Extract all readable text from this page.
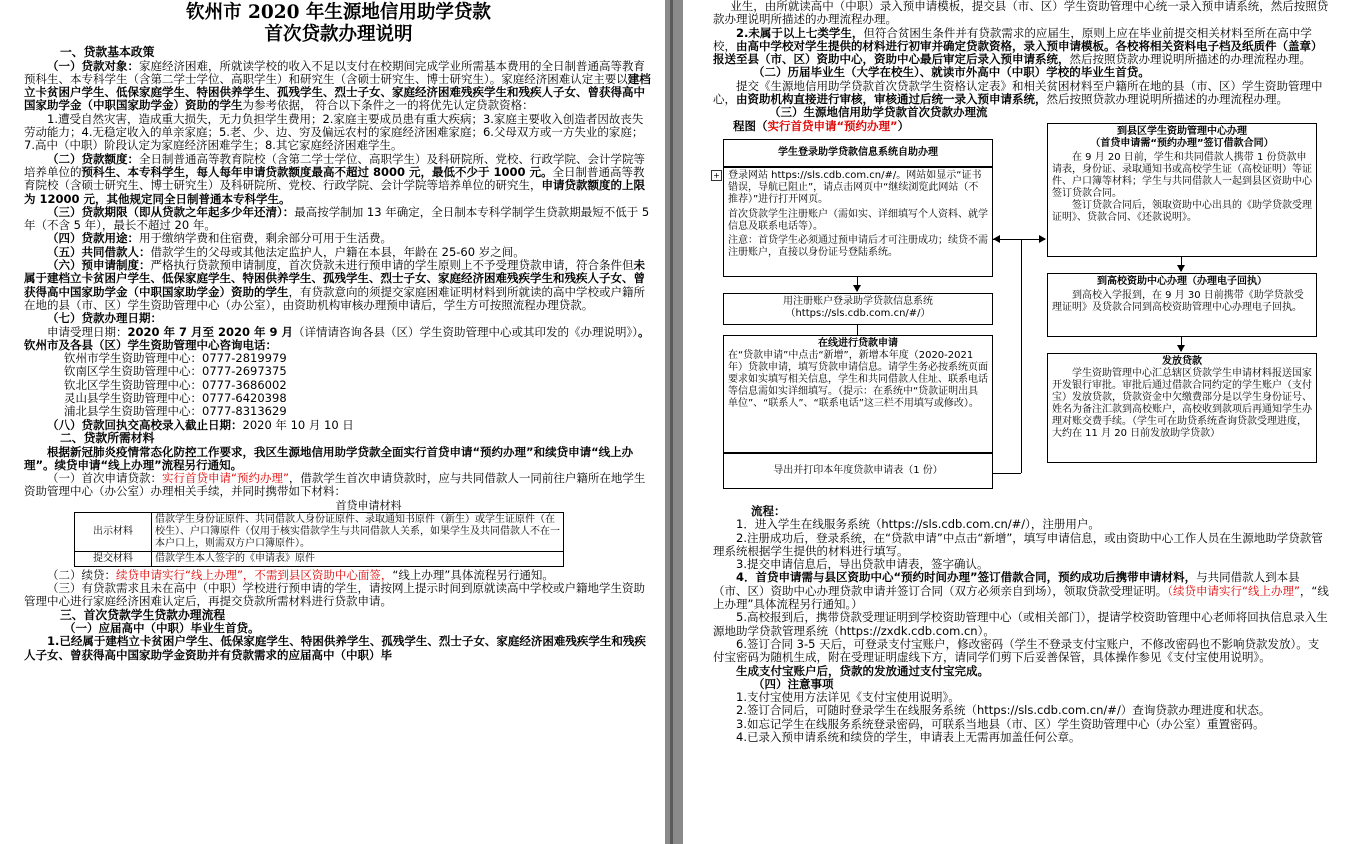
钦州市 2020 年生源地信用助学贷款

首次贷款办理说明

一、贷款基本政策

（一）贷款对象：家庭经济困难，所就读学校的收入不足以支付在校期间完成学业所需基本费用的全日制普通高等教育预科生、本专科学生（含第二学士学位、高职学生）和研究生（含硕士研究生、博士研究生）。家庭经济困难认定主要以建档立卡贫困户学生、低保家庭学生、特困供养学生、孤残学生、烈士子女、家庭经济困难残疾学生和残疾人子女、曾获得高中国家助学金（中职国家助学金）资助的学生为参考依据， 符合以下条件之一的将优先认定贷款资格：

1.遭受自然灾害，造成重大损失，无力负担学生费用；2.家庭主要成员患有重大疾病；3.家庭主要收入创造者因故丧失劳动能力；4.无稳定收入的单亲家庭；5.老、少、边、穷及偏远农村的家庭经济困难家庭；6.父母双方或一方失业的家庭；7.高中（中职）阶段认定为家庭经济困难学生；8.其它家庭经济困难学生。

（二）贷款额度：全日制普通高等教育院校（含第二学士学位、高职学生）及科研院所、党校、行政学院、会计学院等培养单位的预科生、本专科学生，每人每年申请贷款额度最高不超过 8000 元，最低不少于 1000 元。全日制普通高等教育院校（含硕士研究生、博士研究生）及科研院所、党校、行政学院、会计学院等培养单位的研究生，申请贷款额度的上限为 12000 元，其他规定同全日制普通本专科学生。

（三）贷款期限（即从贷款之年起多少年还清）：最高按学制加 13 年确定，全日制本专科学制学生贷款期最短不低于 5 年（不含 5 年），最长不超过 20 年。

（四）贷款用途：用于缴纳学费和住宿费，剩余部分可用于生活费。

（五）共同借款人：借款学生的父母或其他法定监护人，户籍在本县，年龄在 25-60 岁之间。

（六）预申请制度：严格执行贷款预申请制度，首次贷款未进行预申请的学生原则上不予受理贷款申请，符合条件但未属于建档立卡贫困户学生、低保家庭学生、特困供养学生、孤残学生、烈士子女、家庭经济困难残疾学生和残疾人子女、曾获得高中国家助学金（中职国家助学金）资助的学生，有贷款意向的须提交家庭困难证明材料到所就读的高中学校或户籍所在地的县（市、区）学生资助管理中心（办公室），由资助机构审核办理预申请后，学生方可按照流程办理贷款。

（七）贷款办理日期：

申请受理日期：2020 年 7 月至 2020 年 9 月（详情请咨询各县（区）学生资助管理中心或其印发的《办理说明》）。钦州市及各县（区）学生资助管理中心咨询电话：

钦州市学生资助管理中心：0777-2819979

钦南区学生资助管理中心：0777-2697375

钦北区学生资助管理中心：0777-3686002

灵山县学生资助管理中心：0777-6420398

浦北县学生资助管理中心：0777-8313629

（八）贷款回执交高校录入截止日期：2020 年 10 月 10 日

二、贷款所需材料

根据新冠肺炎疫情常态化防控工作要求，我区生源地信用助学贷款全面实行首贷申请“预约办理”和续贷申请“线上办理”。续贷申请“线上办理”流程另行通知。

（一）首次申请贷款：实行首贷申请“预约办理”，借款学生首次申请贷款时，应与共同借款人一同前往户籍所在地学生资助管理中心（办公室）办理相关手续，并同时携带如下材料：

首贷申请材料

出示材料	借款学生身份证原件、共同借款人身份证原件、录取通知书原件（新生）或学生证原件（在校生）、户口簿原件（仅用于核实借款学生与共同借款人关系，如果学生及共同借款人不在一本户口上，则需双方户口簿原件）。
提交材料	借款学生本人签字的《申请表》原件

（二）续贷：续贷申请实行“线上办理”，不需到县区资助中心面签，“线上办理”具体流程另行通知。

（三）有贷款需求且未在高中（中职）学校进行预申请的学生，请按网上提示时间到原就读高中学校或户籍地学生资助管理中心进行家庭经济困难认定后，再提交贷款所需材料进行贷款申请。

三、首次贷款学生贷款办理流程

（一）应届高中（中职）毕业生首贷。

1.已经属于建档立卡贫困户学生、低保家庭学生、特困供养学生、孤残学生、烈士子女、家庭经济困难残疾学生和残疾人子女、曾获得高中国家助学金资助并有贷款需求的应届高中（中职）毕

业生，由所就读高中（中职）录入预申请模板，提交县（市、区）学生资助管理中心统一录入预申请系统，然后按照贷款办理说明所描述的办理流程办理。

2.未属于以上七类学生，但符合贫困生条件并有贷款需求的应届生，原则上应在毕业前提交相关材料至所在高中学校，由高中学校对学生提供的材料进行初审并确定贷款资格，录入预申请模板。各校将相关资料电子档及纸质件（盖章）报送至县（市、区）资助中心，资助中心最后审定后录入预申请系统，然后按照贷款办理说明所描述的办理流程办理。

（二）历届毕业生（大学在校生）、就读市外高中（中职）学校的毕业生首贷。

提交《生源地信用助学贷款首次贷款学生资格认定表》和相关贫困材料至户籍所在地的县（市、区）学生资助管理中心，由资助机构直接进行审核，审核通过后统一录入预申请系统，然后按照贷款办理说明所描述的办理流程办理。

（三）生源地信用助学贷款首次贷款办理流

程图（实行首贷申请“预约办理”）

+
学生登录助学贷款信息系统自助办理

登录网站 https://sls.cdb.com.cn/#/。网站如显示“证书错误，导航已阻止”，请点击网页中“继续浏览此网站（不推荐）”进行打开网页。

首次贷款学生注册账户（需如实、详细填写个人资料、就学信息及联系电话等）。

注意：首贷学生必须通过预申请后才可注册成功；续贷不需注册账户，直接以身份证号登陆系统。

用注册账户登录助学贷款信息系统（https://sls.cdb.com.cn/#/）
在线进行贷款申请

在“贷款申请”中点击“新增”，新增本年度（2020-2021 年）贷款申请，填写贷款申请信息。请学生务必按系统页面要求如实填写相关信息，学生和共同借款人住址、联系电话等信息需如实详细填写。（提示：在系统中“贷款证明出具单位”、“联系人”、“联系电话”这三栏不用填写或修改）。

导出并打印本年度贷款申请表（1 份）
到县区学生资助管理中心办理
（首贷申请需“预约办理”签订借款合同）

在 9 月 20 日前，学生和共同借款人携带 1 份贷款申请表，身份证、录取通知书或高校学生证（高校证明）等证件、户口簿等材料；学生与共同借款人一起到县区资助中心签订贷款合同。

签订贷款合同后，领取资助中心出具的《助学贷款受理证明》、贷款合同、《还款说明》。

到高校资助中心办理（办理电子回执）

到高校入学报到，在 9 月 30 日前携带《助学贷款受理证明》及贷款合同到高校资助管理中心办理电子回执。

发放贷款

学生资助管理中心汇总辖区贷款学生申请材料报送国家开发银行审批。审批后通过借款合同约定的学生账户（支付宝）发放贷款，贷款资金中欠缴费部分是以学生身份证号、姓名为备注汇款到高校账户，高校收到款项后再通知学生办理对账交费手续。（学生可在助贷系统查询贷款受理进度，大约在 11 月 20 日前发放助学贷款）

流程：

1．进入学生在线服务系统（https://sls.cdb.com.cn/#/），注册用户。

2.注册成功后，登录系统，在“贷款申请”中点击“新增”，填写申请信息，或由资助中心工作人员在生源地助学贷款管理系统根据学生提供的材料进行填写。

3.提交申请信息后，导出贷款申请表，签字确认。

4．首贷申请需与县区资助中心“预约时间办理”签订借款合同，预约成功后携带申请材料，与共同借款人到本县（市、区）资助中心办理贷款申请并签订合同（双方必须亲自到场），领取贷款受理证明。（续贷申请实行“线上办理”，“线上办理”具体流程另行通知。）

5.高校报到后，携带贷款受理证明到学校资助管理中心（或相关部门），提请学校资助管理中心老师将回执信息录入生源地助学贷款管理系统（https://zxdk.cdb.com.cn）。

6.签订合同 3-5 天后，可登录支付宝账户，修改密码（学生不登录支付宝账户，不修改密码也不影响贷款发放）。支付宝密码为随机生成，附在受理证明虚线下方，请同学们剪下后妥善保管，具体操作参见《支付宝使用说明》。

生成支付宝账户后，贷款的发放通过支付宝完成。

（四）注意事项

1.支付宝使用方法详见《支付宝使用说明》。

2.签订合同后，可随时登录学生在线服务系统（https://sls.cdb.com.cn/#/）查询贷款办理进度和状态。

3.如忘记学生在线服务系统登录密码，可联系当地县（市、区）学生资助管理中心（办公室）重置密码。

4.已录入预申请系统和续贷的学生，申请表上无需再加盖任何公章。
